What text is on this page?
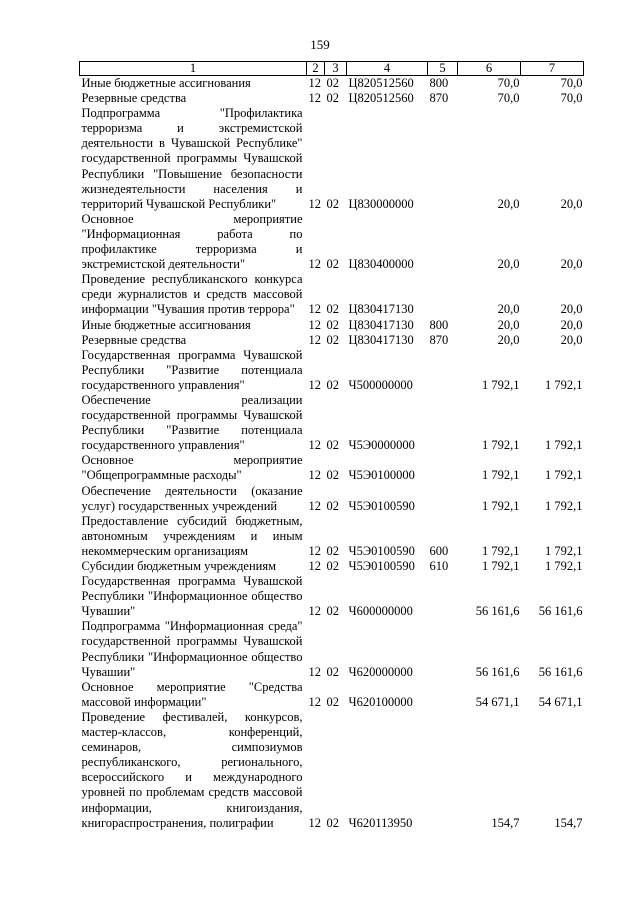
159
1	2	3	4	5	6	7
Иные бюджетные ассигнования	12	02	Ц820512560	800	70,0	70,0
Резервные средства	12	02	Ц820512560	870	70,0	70,0
Подпрограмма "Профилактика терроризма и экстремистской деятельности в Чувашской Республике" государственной программы Чувашской Республики "Повышение безопасности жизнедеятельности населения и территорий Чувашской Республики"	12	02	Ц830000000		20,0	20,0
Основное мероприятие "Информационная работа по профилактике терроризма и экстремистской деятельности"	12	02	Ц830400000		20,0	20,0
Проведение республиканского конкурса среди журналистов и средств массовой информации "Чувашия против террора"	12	02	Ц830417130		20,0	20,0
Иные бюджетные ассигнования	12	02	Ц830417130	800	20,0	20,0
Резервные средства	12	02	Ц830417130	870	20,0	20,0
Государственная программа Чувашской Республики "Развитие потенциала государственного управления"	12	02	Ч500000000		1 792,1	1 792,1
Обеспечение реализации государственной программы Чувашской Республики "Развитие потенциала государственного управления"	12	02	Ч5Э0000000		1 792,1	1 792,1
Основное мероприятие "Общепрограммные расходы"	12	02	Ч5Э0100000		1 792,1	1 792,1
Обеспечение деятельности (оказание услуг) государственных учреждений	12	02	Ч5Э0100590		1 792,1	1 792,1
Предоставление субсидий бюджетным, автономным учреждениям и иным некоммерческим организациям	12	02	Ч5Э0100590	600	1 792,1	1 792,1
Субсидии бюджетным учреждениям	12	02	Ч5Э0100590	610	1 792,1	1 792,1
Государственная программа Чувашской Республики "Информационное общество Чувашии"	12	02	Ч600000000		56 161,6	56 161,6
Подпрограмма "Информационная среда" государственной программы Чувашской Республики "Информационное общество Чувашии"	12	02	Ч620000000		56 161,6	56 161,6
Основное мероприятие "Средства массовой информации"	12	02	Ч620100000		54 671,1	54 671,1
Проведение фестивалей, конкурсов, мастер-классов, конференций, семинаров, симпозиумов республиканского, регионального, всероссийского и международного уровней по проблемам средств массовой информации, книгоиздания, книгораспространения, полиграфии	12	02	Ч620113950		154,7	154,7
